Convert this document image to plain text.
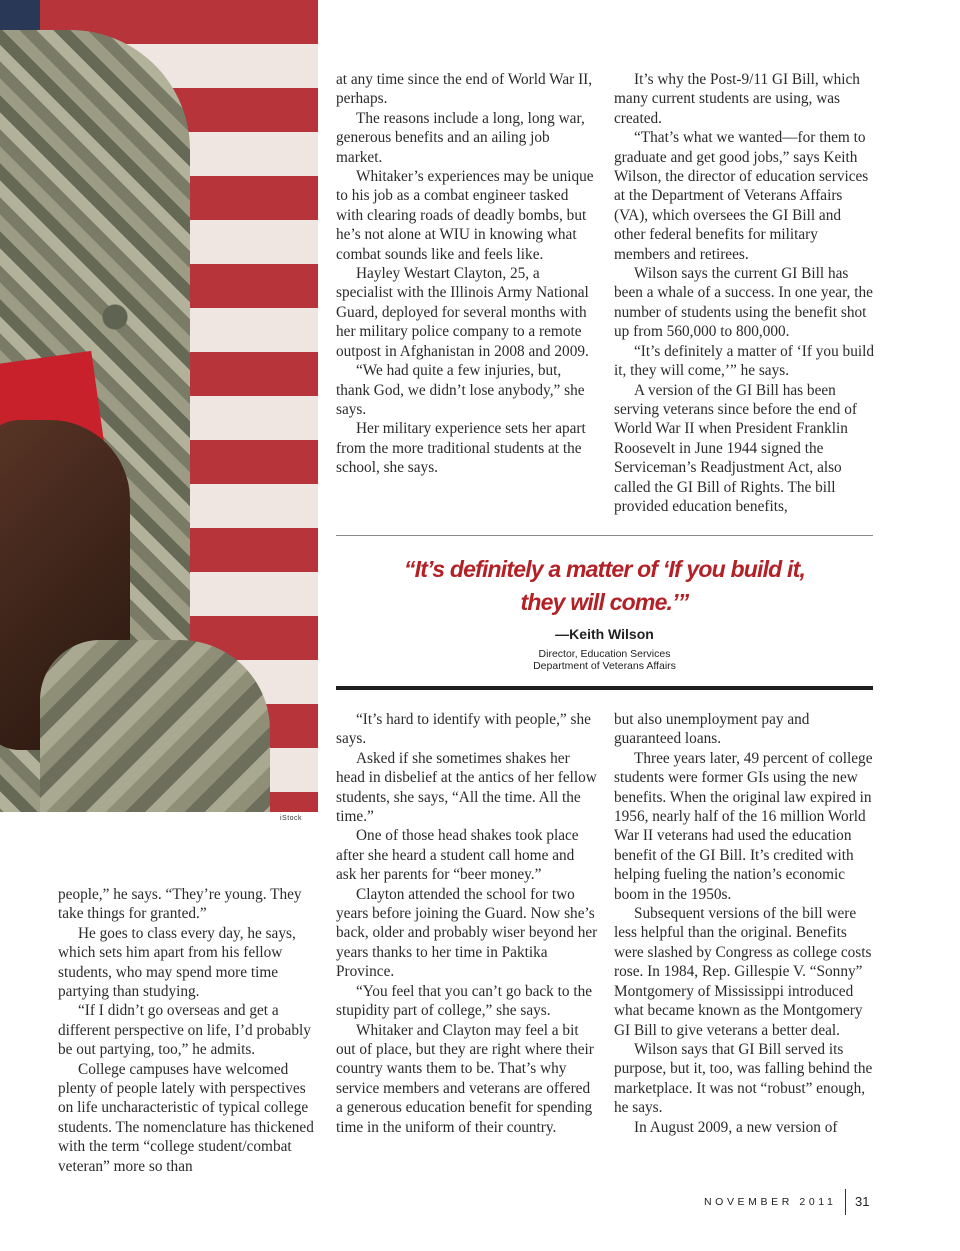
iStock

at any time since the end of World War II, perhaps.

The reasons include a long, long war, generous benefits and an ailing job market.

Whitaker’s experiences may be unique to his job as a combat engineer tasked with clearing roads of deadly bombs, but he’s not alone at WIU in knowing what combat sounds like and feels like.

Hayley Westart Clayton, 25, a specialist with the Illinois Army National Guard, deployed for several months with her military police company to a remote outpost in Afghanistan in 2008 and 2009.

“We had quite a few injuries, but, thank God, we didn’t lose anybody,” she says.

Her military experience sets her apart from the more traditional students at the school, she says.

It’s why the Post-9/11 GI Bill, which many current students are using, was created.

“That’s what we wanted—for them to graduate and get good jobs,” says Keith Wilson, the director of education services at the Department of Veterans Affairs (VA), which oversees the GI Bill and other federal benefits for military members and retirees.

Wilson says the current GI Bill has been a whale of a success. In one year, the number of students using the benefit shot up from 560,000 to 800,000.

“It’s definitely a matter of ‘If you build it, they will come,’” he says.

A version of the GI Bill has been serving veterans since before the end of World War II when President Franklin Roosevelt in June 1944 signed the Serviceman’s Readjustment Act, also called the GI Bill of Rights. The bill provided education benefits,

“It’s definitely a matter of ‘If you build it,
they will come.’”
—Keith Wilson
Director, Education Services
Department of Veterans Affairs

people,” he says. “They’re young. They take things for granted.”

He goes to class every day, he says, which sets him apart from his fellow students, who may spend more time partying than studying.

“If I didn’t go overseas and get a different perspective on life, I’d probably be out partying, too,” he admits.

College campuses have welcomed plenty of people lately with perspectives on life uncharacteristic of typical college students. The nomenclature has thickened with the term “college student/combat veteran” more so than

“It’s hard to identify with people,” she says.

Asked if she sometimes shakes her head in disbelief at the antics of her fellow students, she says, “All the time. All the time.”

One of those head shakes took place after she heard a student call home and ask her parents for “beer money.”

Clayton attended the school for two years before joining the Guard. Now she’s back, older and probably wiser beyond her years thanks to her time in Paktika Province.

“You feel that you can’t go back to the stupidity part of college,” she says.

Whitaker and Clayton may feel a bit out of place, but they are right where their country wants them to be. That’s why service members and veterans are offered a generous education benefit for spending time in the uniform of their country.

but also unemployment pay and guaranteed loans.

Three years later, 49 percent of college students were former GIs using the new benefits. When the original law expired in 1956, nearly half of the 16 million World War II veterans had used the education benefit of the GI Bill. It’s credited with helping fueling the nation’s economic boom in the 1950s.

Subsequent versions of the bill were less helpful than the original. Benefits were slashed by Congress as college costs rose. In 1984, Rep. Gillespie V. “Sonny” Montgomery of Mississippi introduced what became known as the Montgomery GI Bill to give veterans a better deal.

Wilson says that GI Bill served its purpose, but it, too, was falling behind the marketplace. It was not “robust” enough, he says.

In August 2009, a new version of

NOVEMBER 2011 31
